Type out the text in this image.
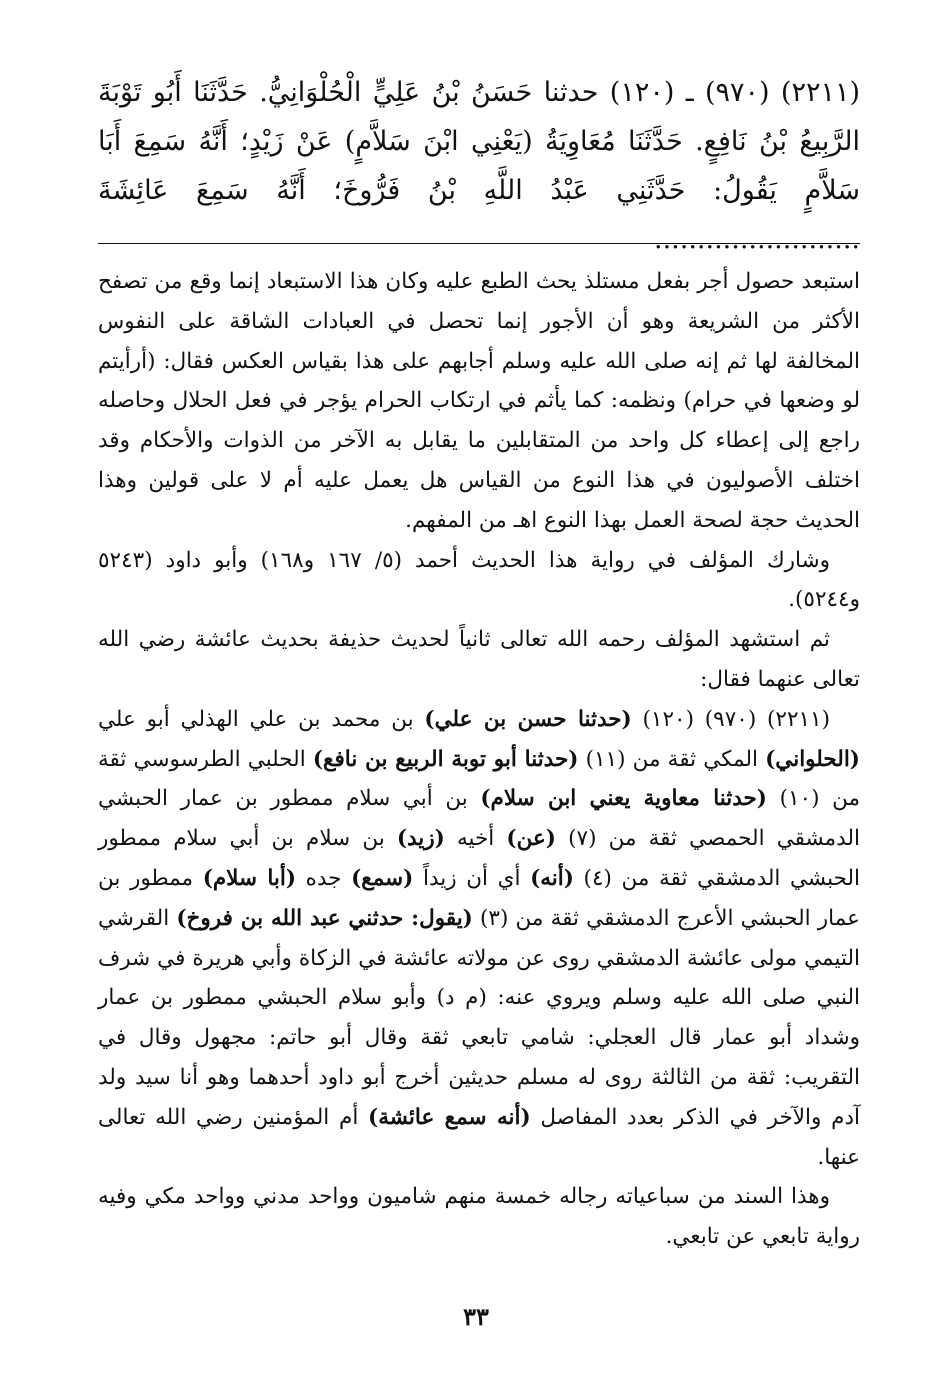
(٢٢١١) (٩٧٠) ـ (١٢٠) حدثنا حَسَنُ بْنُ عَلِيٍّ الْحُلْوَانِيُّ. حَدَّثَنَا أَبُو تَوْبَةَ الرَّبِيعُ بْنُ نَافِعٍ. حَدَّثَنَا مُعَاوِيَةُ (يَعْنِي ابْنَ سَلاَّمٍ) عَنْ زَيْدٍ؛ أَنَّهُ سَمِعَ أَبَا سَلاَّمٍ يَقُولُ: حَدَّثَنِي عَبْدُ اللَّهِ بْنُ فَرُّوخَ؛ أَنَّهُ سَمِعَ عَائِشَةَ ........................

استبعد حصول أجر بفعل مستلذ يحث الطبع عليه وكان هذا الاستبعاد إنما وقع من تصفح الأكثر من الشريعة وهو أن الأجور إنما تحصل في العبادات الشاقة على النفوس المخالفة لها ثم إنه صلى الله عليه وسلم أجابهم على هذا بقياس العكس فقال: (أرأيتم لو وضعها في حرام) ونظمه: كما يأثم في ارتكاب الحرام يؤجر في فعل الحلال وحاصله راجع إلى إعطاء كل واحد من المتقابلين ما يقابل به الآخر من الذوات والأحكام وقد اختلف الأصوليون في هذا النوع من القياس هل يعمل عليه أم لا على قولين وهذا الحديث حجة لصحة العمل بهذا النوع اهـ من المفهم.

وشارك المؤلف في رواية هذا الحديث أحمد (٥/ ١٦٧ و١٦٨) وأبو داود (٥٢٤٣ و٥٢٤٤).

ثم استشهد المؤلف رحمه الله تعالى ثانياً لحديث حذيفة بحديث عائشة رضي الله تعالى عنهما فقال:

(٢٢١١) (٩٧٠) (١٢٠) (حدثنا حسن بن علي) بن محمد بن علي الهذلي أبو علي (الحلواني) المكي ثقة من (١١) (حدثنا أبو توبة الربيع بن نافع) الحلبي الطرسوسي ثقة من (١٠) (حدثنا معاوية يعني ابن سلام) بن أبي سلام ممطور بن عمار الحبشي الدمشقي الحمصي ثقة من (٧) (عن) أخيه (زيد) بن سلام بن أبي سلام ممطور الحبشي الدمشقي ثقة من (٤) (أنه) أي أن زيداً (سمع) جده (أبا سلام) ممطور بن عمار الحبشي الأعرج الدمشقي ثقة من (٣) (يقول: حدثني عبد الله بن فروخ) القرشي التيمي مولى عائشة الدمشقي روى عن مولاته عائشة في الزكاة وأبي هريرة في شرف النبي صلى الله عليه وسلم ويروي عنه: (م د) وأبو سلام الحبشي ممطور بن عمار وشداد أبو عمار قال العجلي: شامي تابعي ثقة وقال أبو حاتم: مجهول وقال في التقريب: ثقة من الثالثة روى له مسلم حديثين أخرج أبو داود أحدهما وهو أنا سيد ولد آدم والآخر في الذكر بعدد المفاصل (أنه سمع عائشة) أم المؤمنين رضي الله تعالى عنها.

وهذا السند من سباعياته رجاله خمسة منهم شاميون وواحد مدني وواحد مكي وفيه رواية تابعي عن تابعي.

٣٣
